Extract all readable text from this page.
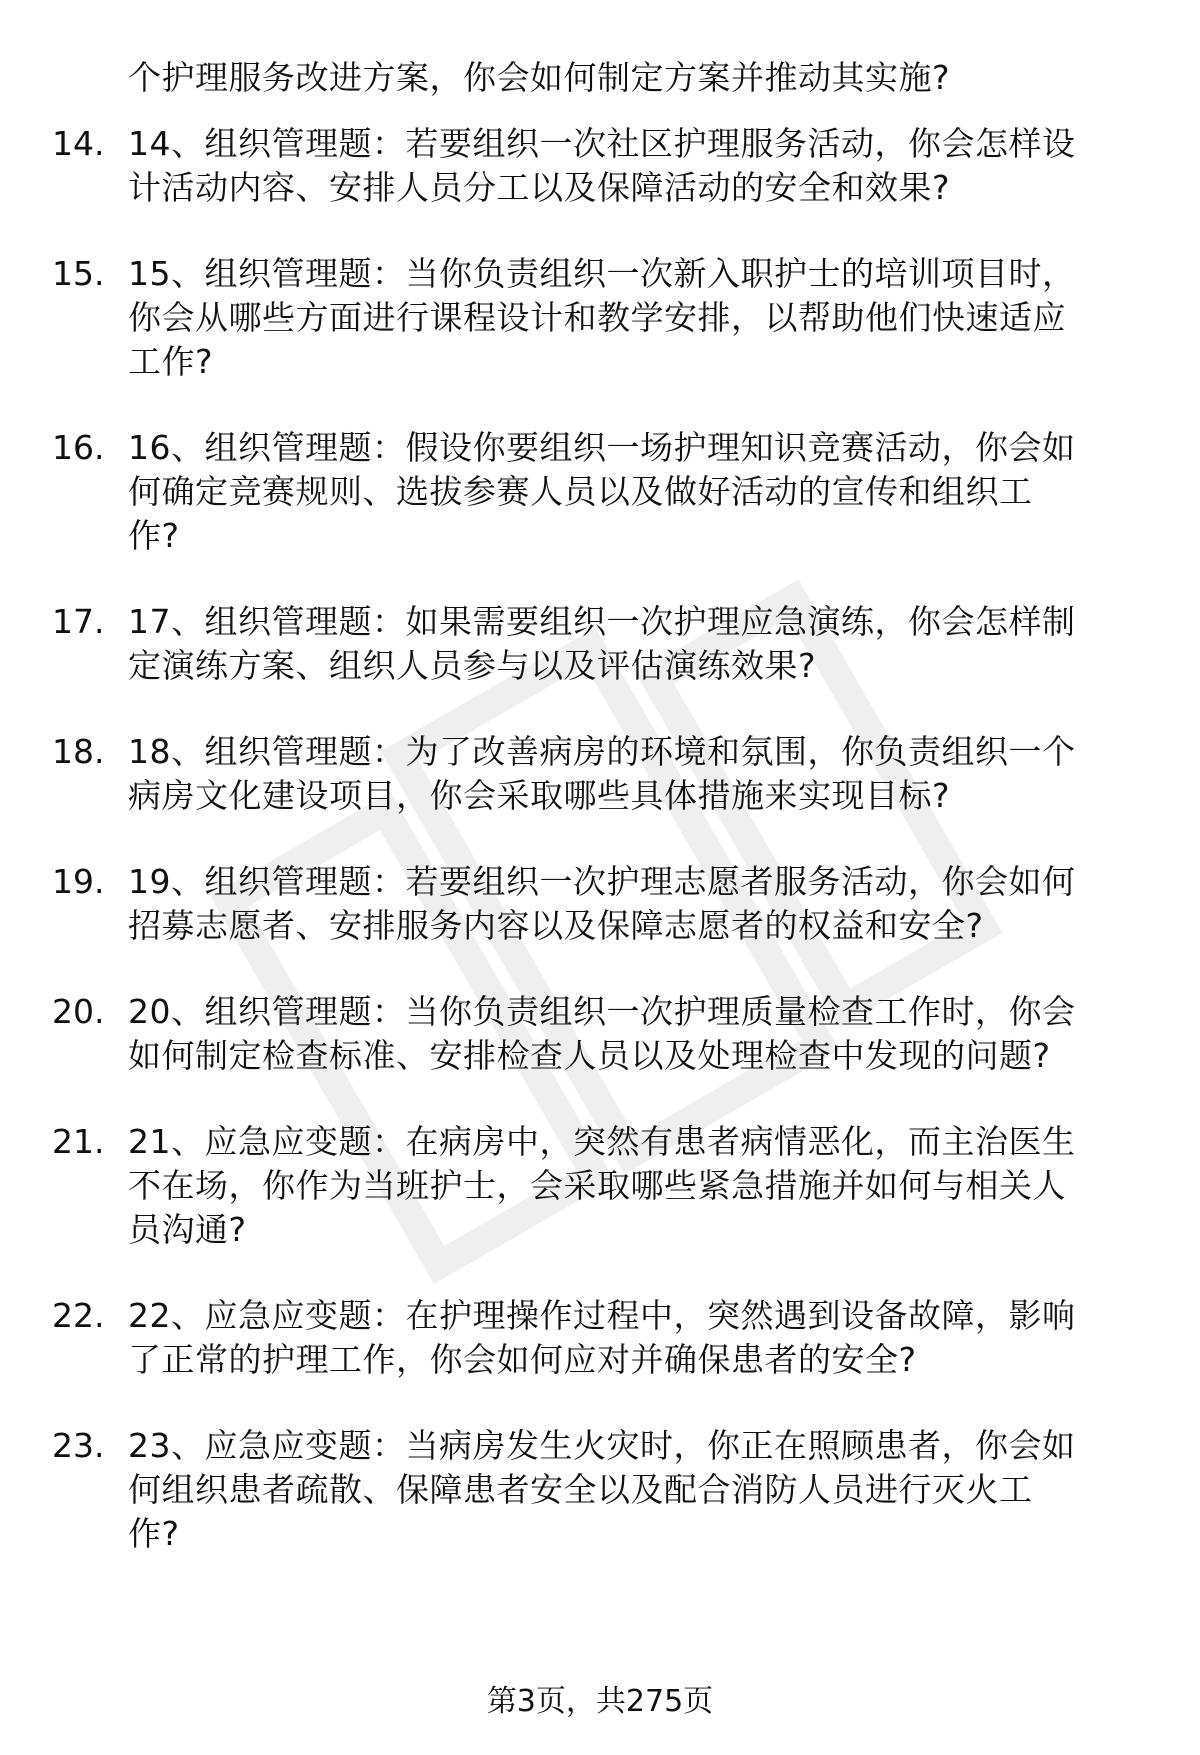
个护理服务改进方案，你会如何制定方案并推动其实施?
14. 14、组织管理题：若要组织一次社区护理服务活动，你会怎样设
计活动内容、安排人员分工以及保障活动的安全和效果?
15. 15、组织管理题：当你负责组织一次新入职护士的培训项目时，
你会从哪些方面进行课程设计和教学安排，以帮助他们快速适应
工作?
16. 16、组织管理题：假设你要组织一场护理知识竞赛活动，你会如
何确定竞赛规则、选拔参赛人员以及做好活动的宣传和组织工
作?
17. 17、组织管理题：如果需要组织一次护理应急演练，你会怎样制
定演练方案、组织人员参与以及评估演练效果?
18. 18、组织管理题：为了改善病房的环境和氛围，你负责组织一个
病房文化建设项目，你会采取哪些具体措施来实现目标?
19. 19、组织管理题：若要组织一次护理志愿者服务活动，你会如何
招募志愿者、安排服务内容以及保障志愿者的权益和安全?
20. 20、组织管理题：当你负责组织一次护理质量检查工作时，你会
如何制定检查标准、安排检查人员以及处理检查中发现的问题?
21. 21、应急应变题：在病房中，突然有患者病情恶化，而主治医生
不在场，你作为当班护士，会采取哪些紧急措施并如何与相关人
员沟通?
22. 22、应急应变题：在护理操作过程中，突然遇到设备故障，影响
了正常的护理工作，你会如何应对并确保患者的安全?
23. 23、应急应变题：当病房发生火灾时，你正在照顾患者，你会如
何组织患者疏散、保障患者安全以及配合消防人员进行灭火工
作?
第3页，共275页
